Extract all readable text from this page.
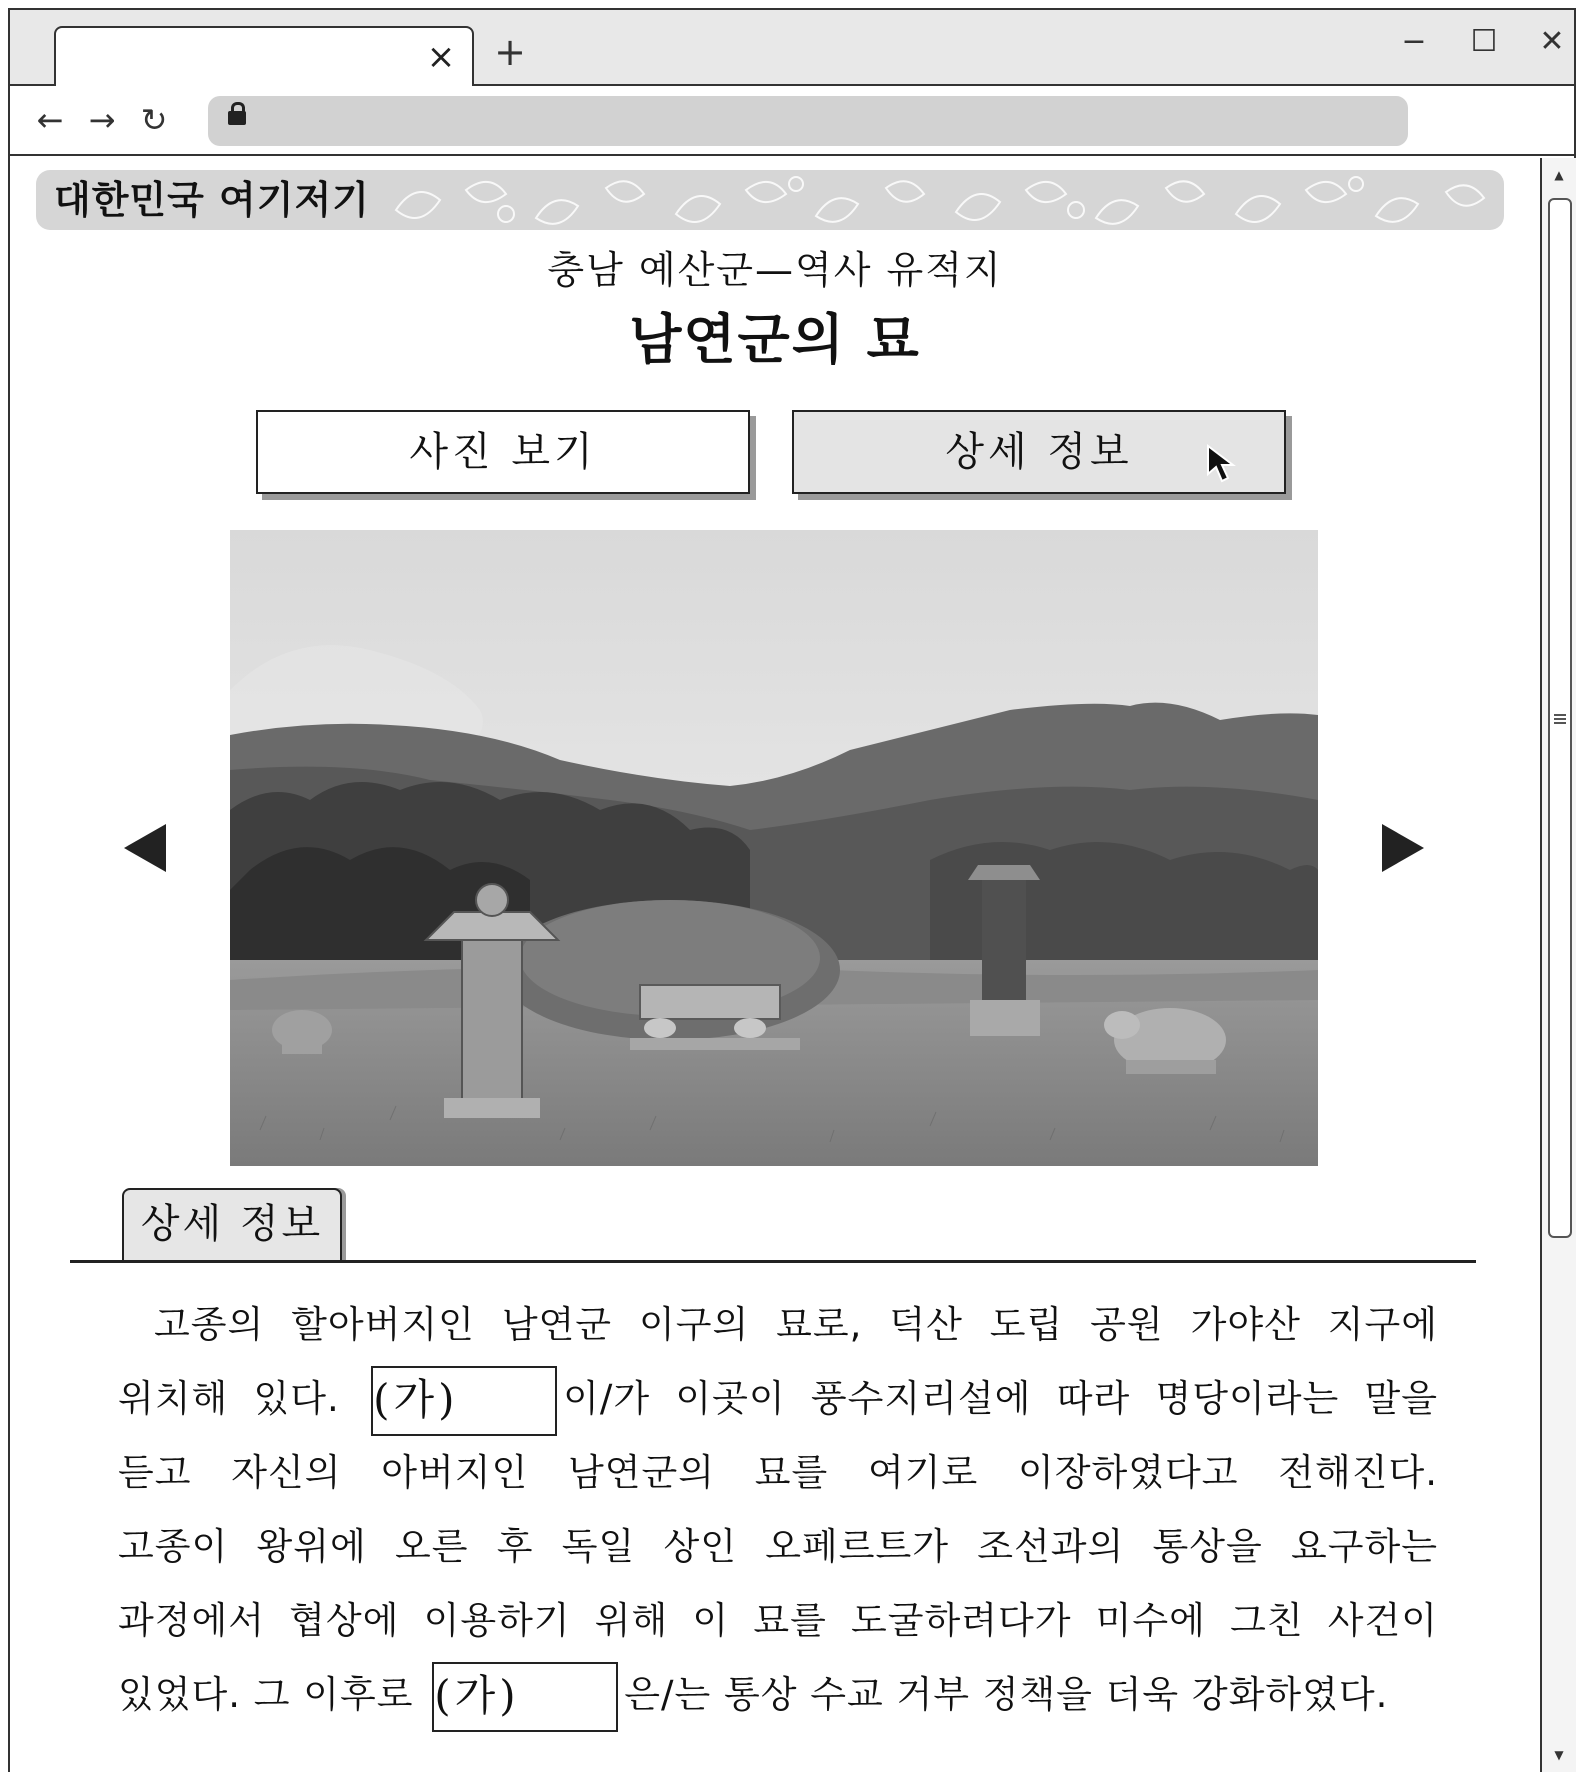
× +	− ☐ ✕
← → ↻
대한민국 여기저기
충남 예산군—역사 유적지
남연군의 묘
사진 보기	상세 정보
상세 정보
고종의 할아버지인 남연군 이구의 묘로, 덕산 도립 공원 가야산 지구에
위치해 있다. (가)	이/가 이곳이 풍수지리설에 따라 명당이라는 말을
듣고 자신의 아버지인 남연군의 묘를 여기로 이장하였다고 전해진다.
고종이 왕위에 오른 후 독일 상인 오페르트가 조선과의 통상을 요구하는
과정에서 협상에 이용하기 위해 이 묘를 도굴하려다가 미수에 그친 사건이
있었다. 그 이후로 (가)	은/는 통상 수교 거부 정책을 더욱 강화하였다.
▲
▼
